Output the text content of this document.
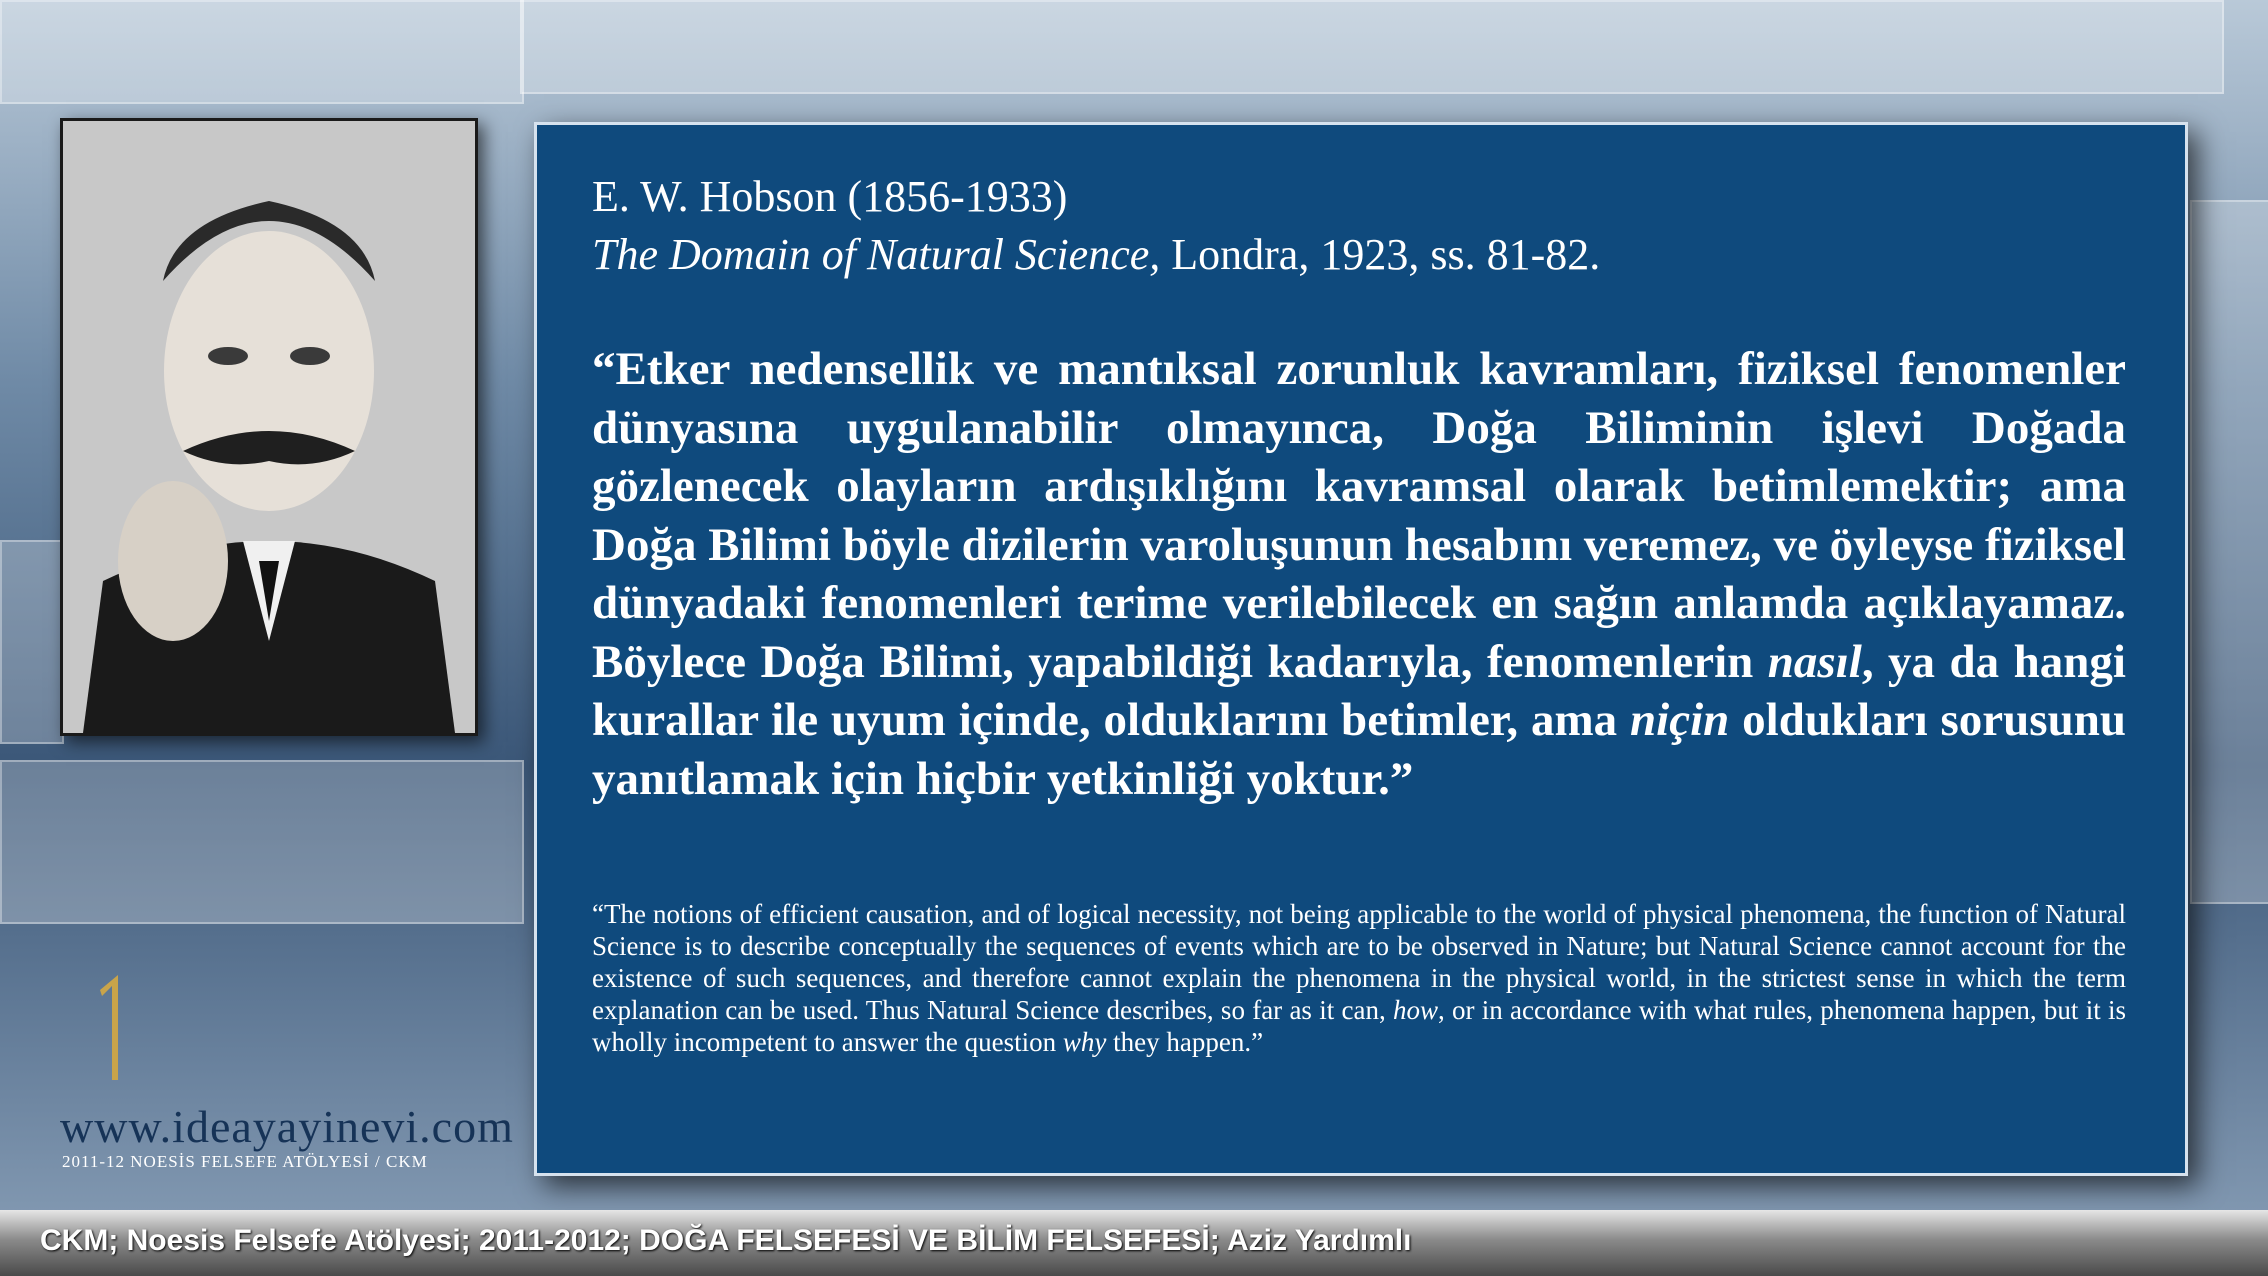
E. W. Hobson (1856-1933)
The Domain of Natural Science, Londra, 1923, ss. 81-82.
“Etker nedensellik ve mantıksal zorunluk kavramları, fiziksel fenomenler dünyasına uygulanabilir olmayınca, Doğa Biliminin işlevi Doğada gözlenecek olayların ardışıklığını kavramsal olarak betimlemektir; ama Doğa Bilimi böyle dizilerin varoluşunun hesabını veremez, ve öyleyse fiziksel dünyadaki fenomenleri terime verilebilecek en sağın anlamda açıklayamaz. Böylece Doğa Bilimi, yapabildiği kadarıyla, fenomenlerin nasıl, ya da hangi kurallar ile uyum içinde, olduklarını betimler, ama niçin oldukları sorusunu yanıtlamak için hiçbir yetkinliği yoktur.”
“The notions of efficient causation, and of logical necessity, not being applicable to the world of physical phenomena, the function of Natural Science is to describe conceptually the sequences of events which are to be observed in Nature; but Natural Science cannot account for the existence of such sequences, and therefore cannot explain the phenomena in the physical world, in the strictest sense in which the term explanation can be used. Thus Natural Science describes, so far as it can, how, or in accordance with what rules, phenomena happen, but it is wholly incompetent to answer the question why they happen.”
www.ideayayinevi.com
2011-12 NOESİS FELSEFE ATÖLYESİ / CKM
CKM; Noesis Felsefe Atölyesi; 2011-2012; DOĞA FELSEFESİ VE BİLİM FELSEFESİ; Aziz Yardımlı
